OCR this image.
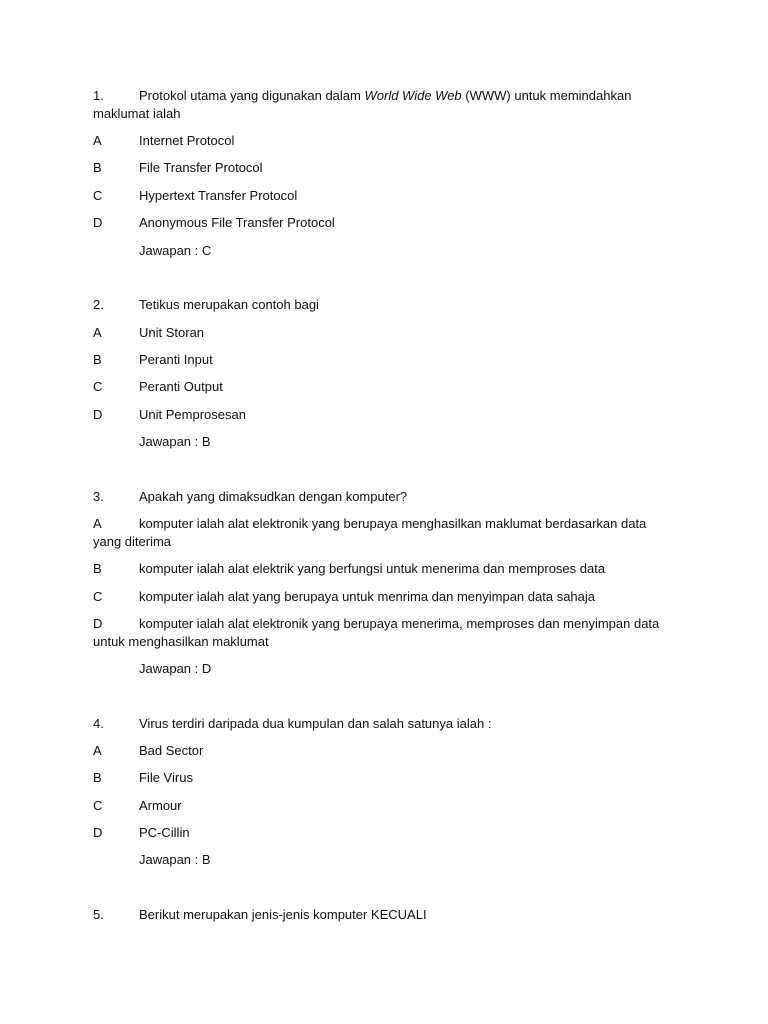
1.	Protokol utama yang digunakan dalam World Wide Web (WWW) untuk memindahkan maklumat ialah
A	Internet Protocol
B	File Transfer Protocol
C	Hypertext Transfer Protocol
D	Anonymous File Transfer Protocol
Jawapan : C
2.	Tetikus merupakan contoh bagi
A	Unit Storan
B	Peranti Input
C	Peranti Output
D	Unit Pemprosesan
Jawapan : B
3.	Apakah yang dimaksudkan dengan komputer?
A	komputer ialah alat elektronik yang berupaya menghasilkan maklumat berdasarkan data yang diterima
B	komputer ialah alat elektrik yang berfungsi untuk menerima dan memproses data
C	komputer ialah alat yang berupaya untuk menrima dan menyimpan data sahaja
D	komputer ialah alat elektronik yang berupaya menerima, memproses dan menyimpan data untuk menghasilkan maklumat
Jawapan : D
4.	Virus terdiri daripada dua kumpulan dan salah satunya ialah :
A	Bad Sector
B	File Virus
C	Armour
D	PC-Cillin
Jawapan : B
5.	Berikut merupakan jenis-jenis komputer KECUALI
